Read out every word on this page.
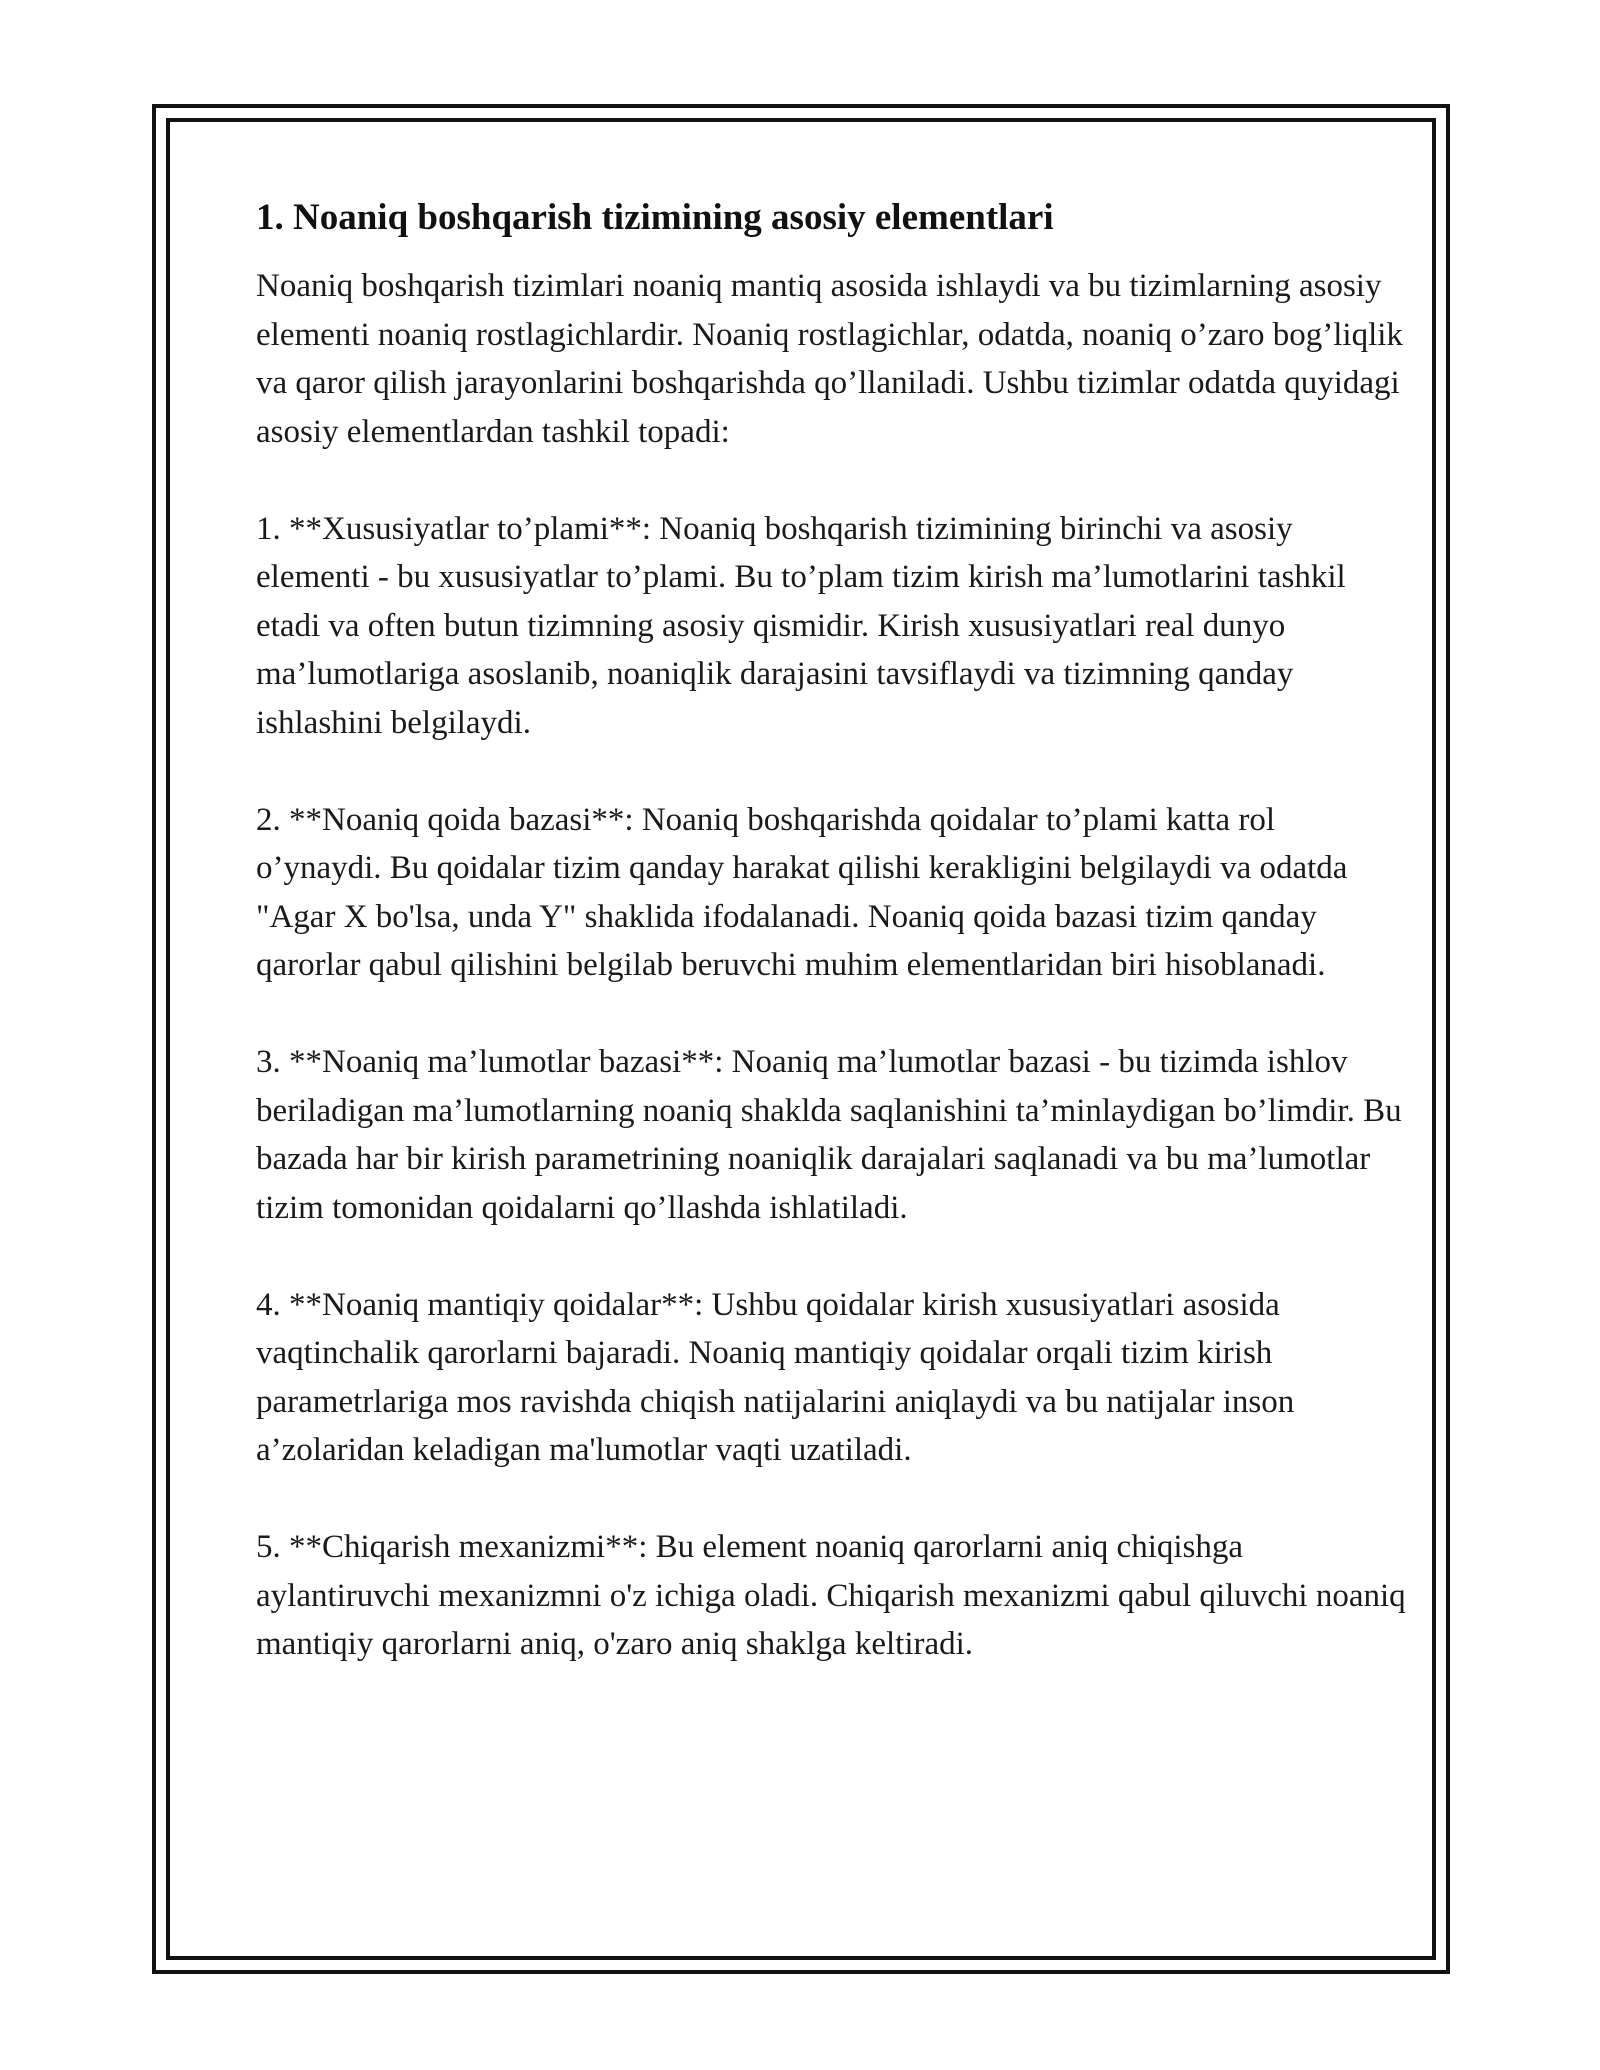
1. Noaniq boshqarish tizimining asosiy elementlari

Noaniq boshqarish tizimlari noaniq mantiq asosida ishlaydi va bu tizimlarning asosiy elementi noaniq rostlagichlardir. Noaniq rostlagichlar, odatda, noaniq o’zaro bog’liqlik va qaror qilish jarayonlarini boshqarishda qo’llaniladi. Ushbu tizimlar odatda quyidagi asosiy elementlardan tashkil topadi:

1. **Xususiyatlar to’plami**: Noaniq boshqarish tizimining birinchi va asosiy elementi - bu xususiyatlar to’plami. Bu to’plam tizim kirish ma’lumotlarini tashkil etadi va often butun tizimning asosiy qismidir. Kirish xususiyatlari real dunyo ma’lumotlariga asoslanib, noaniqlik darajasini tavsiflaydi va tizimning qanday ishlashini belgilaydi.

2. **Noaniq qoida bazasi**: Noaniq boshqarishda qoidalar to’plami katta rol o’ynaydi. Bu qoidalar tizim qanday harakat qilishi kerakligini belgilaydi va odatda "Agar X bo'lsa, unda Y" shaklida ifodalanadi. Noaniq qoida bazasi tizim qanday qarorlar qabul qilishini belgilab beruvchi muhim elementlaridan biri hisoblanadi.

3. **Noaniq ma’lumotlar bazasi**: Noaniq ma’lumotlar bazasi - bu tizimda ishlov beriladigan ma’lumotlarning noaniq shaklda saqlanishini ta’minlaydigan bo’limdir. Bu bazada har bir kirish parametrining noaniqlik darajalari saqlanadi va bu ma’lumotlar tizim tomonidan qoidalarni qo’llashda ishlatiladi.

4. **Noaniq mantiqiy qoidalar**: Ushbu qoidalar kirish xususiyatlari asosida vaqtinchalik qarorlarni bajaradi. Noaniq mantiqiy qoidalar orqali tizim kirish parametrlariga mos ravishda chiqish natijalarini aniqlaydi va bu natijalar inson a’zolaridan keladigan ma'lumotlar vaqti uzatiladi.

5. **Chiqarish mexanizmi**: Bu element noaniq qarorlarni aniq chiqishga aylantiruvchi mexanizmni o'z ichiga oladi. Chiqarish mexanizmi qabul qiluvchi noaniq mantiqiy qarorlarni aniq, o'zaro aniq shaklga keltiradi.
